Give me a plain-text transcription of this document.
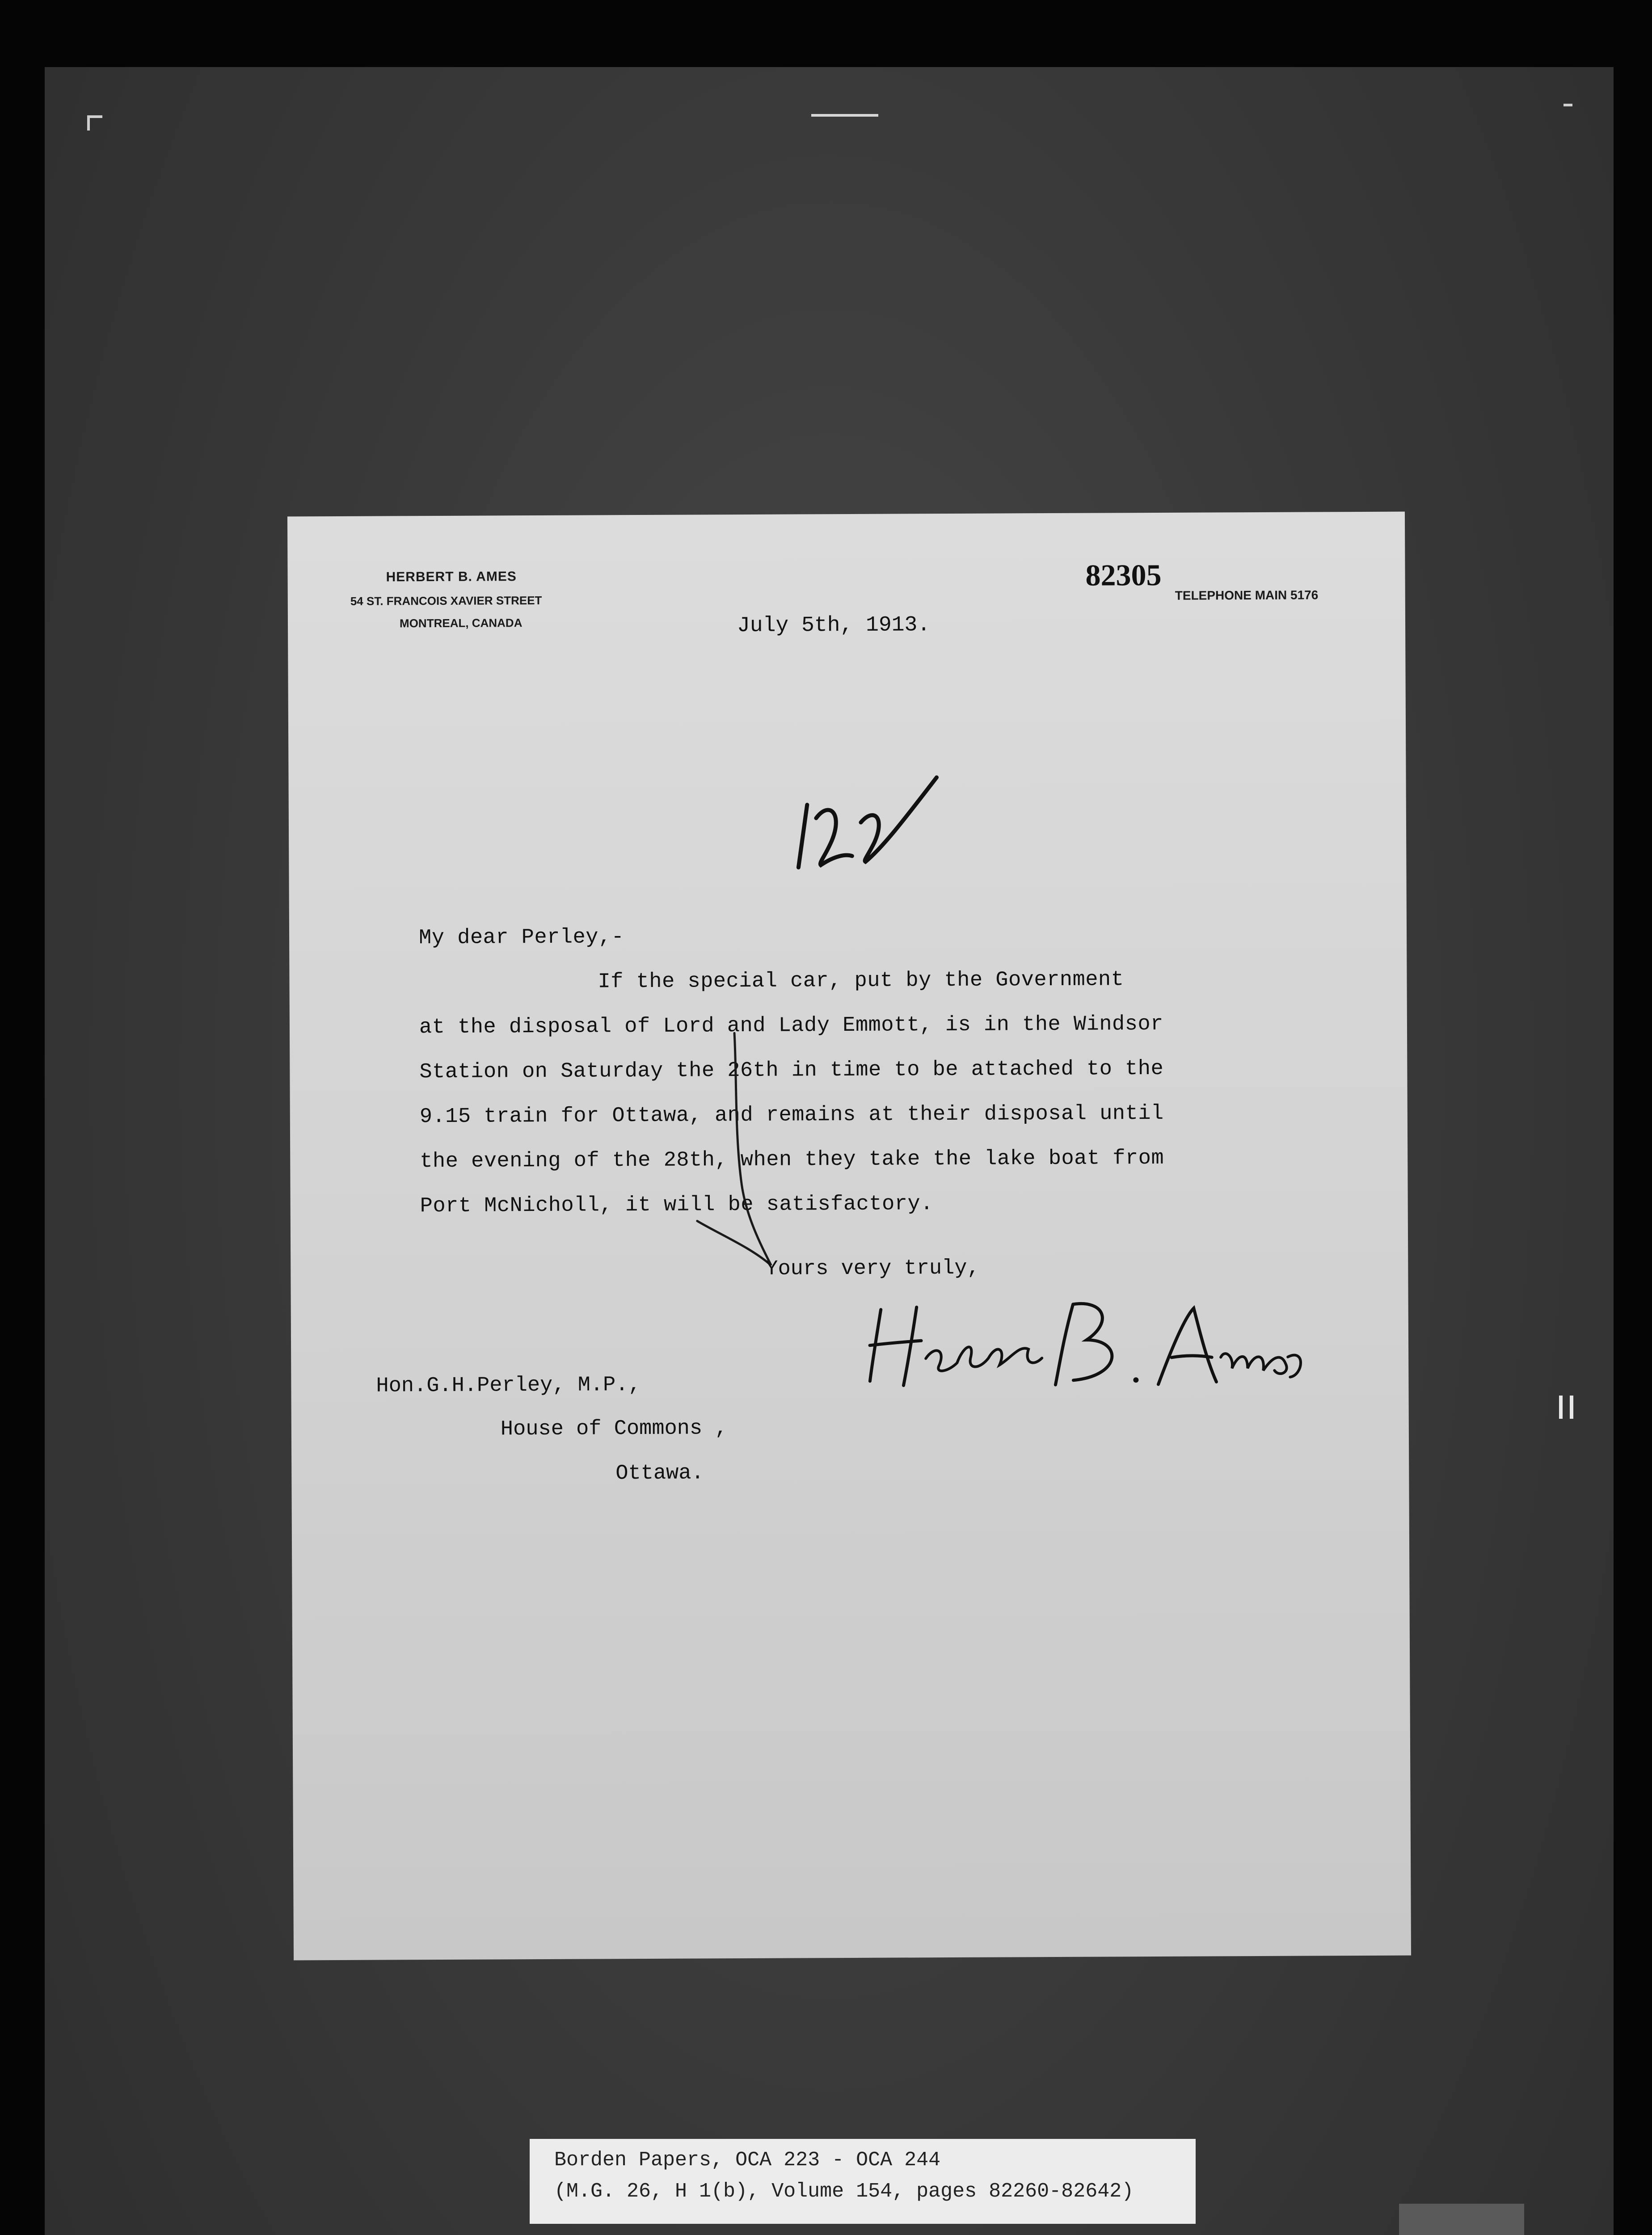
HERBERT B. AMES
54 ST. FRANCOIS XAVIER STREET
MONTREAL, CANADA
82305
TELEPHONE MAIN 5176
July 5th, 1913.
My dear Perley,-
If the special car, put by the Government
at the disposal of Lord and Lady Emmott, is in the Windsor
Station on Saturday the 26th in time to be attached to the
9.15 train for Ottawa, and remains at their disposal until
the evening of the 28th, when they take the lake boat from
Port McNicholl, it will be satisfactory.
Yours very truly,
Hon.G.H.Perley, M.P.,
House of Commons ,
Ottawa.
Borden Papers, OCA 223 - OCA 244
(M.G. 26, H 1(b), Volume 154, pages 82260-82642)
